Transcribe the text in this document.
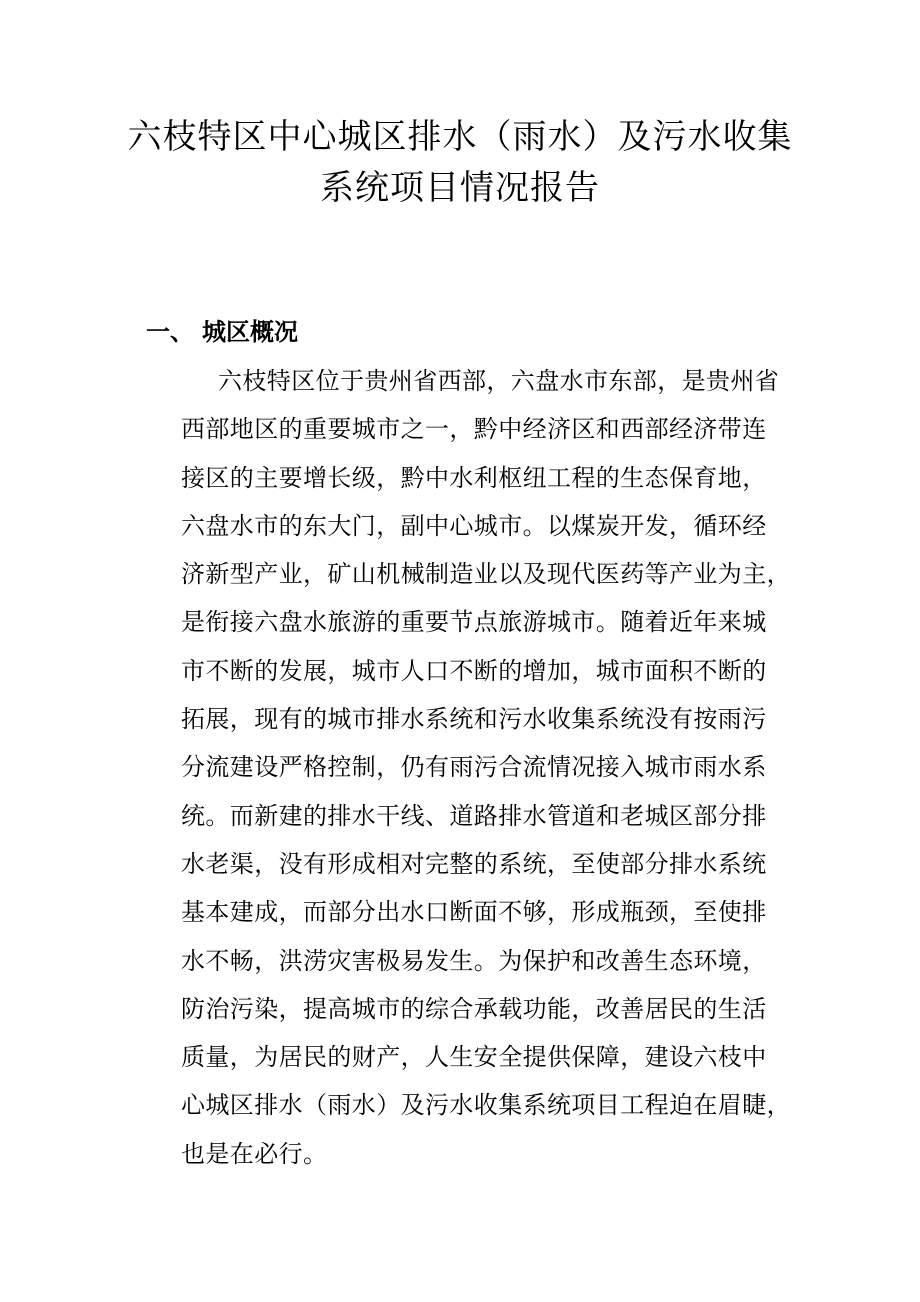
六枝特区中心城区排水（雨水）及污水收集
系统项目情况报告
一、 城区概况
六枝特区位于贵州省西部，六盘水市东部，是贵州省
西部地区的重要城市之一，黔中经济区和西部经济带连
接区的主要增长级，黔中水利枢纽工程的生态保育地，
六盘水市的东大门，副中心城市。以煤炭开发，循环经
济新型产业，矿山机械制造业以及现代医药等产业为主，
是衔接六盘水旅游的重要节点旅游城市。随着近年来城
市不断的发展，城市人口不断的增加，城市面积不断的
拓展，现有的城市排水系统和污水收集系统没有按雨污
分流建设严格控制，仍有雨污合流情况接入城市雨水系
统。而新建的排水干线、道路排水管道和老城区部分排
水老渠，没有形成相对完整的系统，至使部分排水系统
基本建成，而部分出水口断面不够，形成瓶颈，至使排
水不畅，洪涝灾害极易发生。为保护和改善生态环境，
防治污染，提高城市的综合承载功能，改善居民的生活
质量，为居民的财产，人生安全提供保障，建设六枝中
心城区排水（雨水）及污水收集系统项目工程迫在眉睫，
也是在必行。
